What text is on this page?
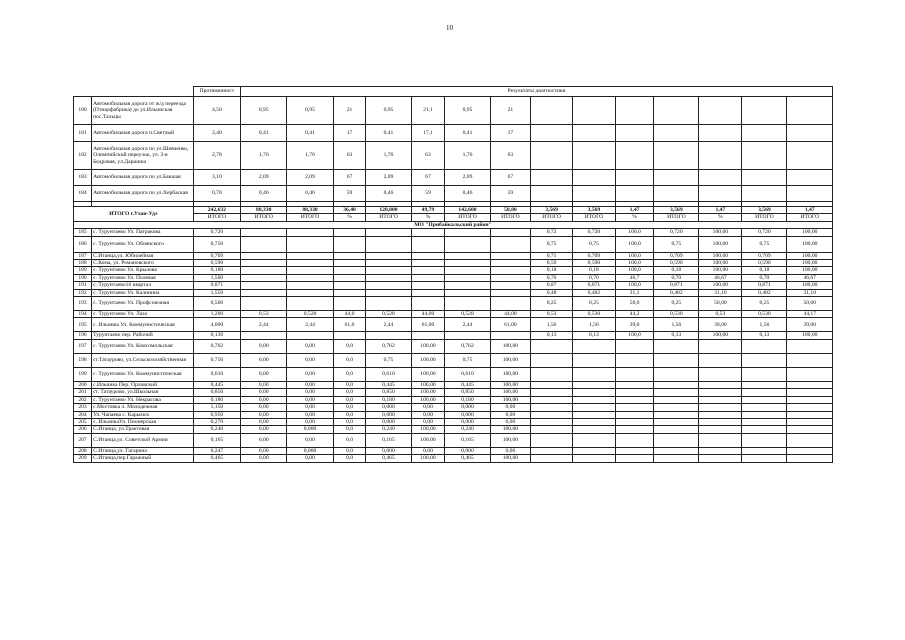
10
		Протяженност	Результаты диагностики													
180	Автомобильная дорога от ж/д переезда (Птицефабрика) до ул.Ильинская пос.Тальцы	4,50	0,95	0,95	21	0,95	21,1	0,95	21							
181	Автомобильная дорога п.Светлый	2,40	0,41	0,41	17	0,41	17,1	0,41	17							
182	Автомобильная дорога по ул.Шевченко, Олимпийский переулок, ул. 3-я Бедровая, ул.Даршина	2,78	1,76	1,76	63	1,76	63	1,76	63							
183	Автомобильная дорога по ул.Бакшая	3,10	2,09	2,09	67	2,09	67	2,09	67							
184	Автомобильная дорога по ул.Хербаская	0,78	0,46	0,46	59	0,46	59	0,46	59							

ИТОГО г.Улан-Удэ		242,632	88,330	88,330	36,40	120,800	49,79	142,600	58,80	3,569	3,569	1,47	3,569	1,47	3,569	1,47
		ИТОГО	ИТОГО	ИТОГО	%	ИТОГО	%	ИТОГО	ИТОГО	ИТОГО	ИТОГО	%	ИТОГО	%	ИТОГО	ИТОГО
МО "Прибайкальский район"																
185	с. Турунтаево Ул. Патракова	0,720								0,72	0,720	100,0	0,720	100,00	0,720	100,00
186	с. Турунтаево Ул. Обоянского	0,750								0,75	0,75	100,0	0,75	100,00	0,75	100,00
187	С.Итанца,ул. Юбилейная	0,709								0,71	0,709	100,0	0,709	100,00	0,709	100,00
188	С.Кома, ул. Романовского	0,590								0,59	0,590	100,0	0,590	100,00	0,590	100,00
189	с. Турунтаево Ул. Крылова	0,180								0,18	0,18	100,0	0,18	100,00	0,18	100,00
190	с. Турунтаево Ул. Полевая	1,500								0,70	0,70	46,7	0,70	46,67	0,70	46,67
191	с. Турунтаево16 квартал	0,871								0,87	0,871	100,0	0,871	100,00	0,871	100,00
192	с. Турунтаево Ул. Калинина	1,550								0,48	0,482	31,1	0,482	31,10	0,482	31,10
193	с. Турунтаево Ул. Профсоюзная	0,500								0,25	0,25	50,0	0,25	50,00	0,25	50,00
194	с. Турунтаево Ул. Лазо	1,200	0,53	0,528	44,0	0,528	44,00	0,528	44,00	0,53	0,530	44,2	0,530	0,53	0,530	44,17
195	с. Ильинка Ул. Коммунистическая	4,000	2,44	2,44	61,0	2,44	61,00	2,44	61,00	1,56	1,56	39,0	1,56	39,00	1,56	39,00
196	Турунтаево пер. Рабочий	0,130								0,13	0,13	100,0	0,13	100,00	0,13	100,00
197	с. Турунтаево Ул. Комсомольская	0,762	0,00	0,00	0,0	0,762	100,00	0,762	100,00							
198	ст.Татаурово, ул.Сельскохозяйственная	0,750	0,00	0,00	0,0	0,75	100,00	0,75	100,00							
199	с. Турунтаево Ул. Коммунистическая	0,610	0,00	0,00	0,0	0,610	100,00	0,610	100,00							
200	с.Ильинка Пер. Орловский	0,445	0,00	0,00	0,0	0,445	100,00	0,445	100,00							
201	ст. Татаурово, ул.Школьная	0,850	0,00	0,00	0,0	0,850	100,00	0,850	100,00							
202	с. Турунтаево Ул. Некрасова	0,180	0,00	0,00	0,0	0,180	100,00	0,180	100,00							
203	с.Мостовка л. Молодежная	1,150	0,00	0,00	0,0	0,000	0,00	0,000	0,00							
204	Ул. Чапаева с. Карымск	0,950	0,00	0,00	0,0	0,000	0,00	0,000	0,00							
205	с. ИльинкаУл. Пионерская	0,270	0,00	0,00	0,0	0,000	0,00	0,000	0,00							
206	С.Итанца, ул.Трактовая	0,240	0,00	0,000	0,0	0,240	100,00	0,240	100,00							
207	С.Итанца,ул. Советской Армии	0,165	0,00	0,00	0,0	0,165	100,00	0,165	100,00							
208	С.Итанца,ул. Гагарина	0,247	0,00	0,000	0,0	0,000	0,00	0,000	0,00							
209	С.Итанца,пер.Гаражный	0,465	0,00	0,00	0,0	0,465	100,00	0,465	100,00							
